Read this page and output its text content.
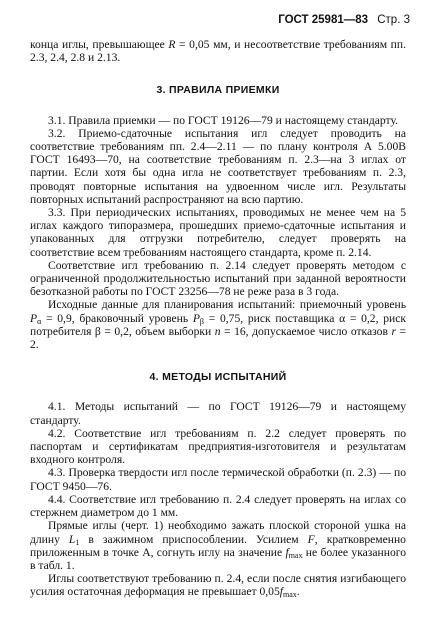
ГОСТ 25981—83 Стр. 3

конца иглы, превышающее R = 0,05 мм, и несоответствие требованиям пп. 2.3, 2.4, 2.8 и 2.13.

3. ПРАВИЛА ПРИЕМКИ

3.1. Правила приемки — по ГОСТ 19126—79 и настоящему стандарту.

3.2. Приемо-сдаточные испытания игл следует проводить на соответствие требованиям пп. 2.4—2.11 — по плану контроля А 5.00В ГОСТ 16493—70, на соответствие требованиям п. 2.3—на 3 иглах от партии. Если хотя бы одна игла не соответствует требованиям п. 2.3, проводят повторные испытания на удвоенном числе игл. Результаты повторных испытаний распространяют на всю партию.

3.3. При периодических испытаниях, проводимых не менее чем на 5 иглах каждого типоразмера, прошедших приемо-сдаточные испытания и упакованных для отгрузки потребителю, следует проверять на соответствие всем требованиям настоящего стандарта, кроме п. 2.14.

Соответствие игл требованию п. 2.14 следует проверять методом с ограниченной продолжительностью испытаний при заданной вероятности безотказной работы по ГОСТ 23256—78 не реже раза в 3 года.

Исходные данные для планирования испытаний: приемочный уровень $P_\alpha = 0,9$, браковочный уровень $P_\beta = 0,75$, риск поставщика α = 0,2, риск потребителя β = 0,2, объем выборки n = 16, допускаемое число отказов r = 2.

4. МЕТОДЫ ИСПЫТАНИЙ

4.1. Методы испытаний — по ГОСТ 19126—79 и настоящему стандарту.

4.2. Соответствие игл требованиям п. 2.2 следует проверять по паспортам и сертификатам предприятия-изготовителя и результатам входного контроля.

4.3. Проверка твердости игл после термической обработки (п. 2.3) — по ГОСТ 9450—76.

4.4. Соответствие игл требованию п. 2.4 следует проверять на иглах со стержнем диаметром до 1 мм.

Прямые иглы (черт. 1) необходимо зажать плоской стороной ушка на длину $L_1$ в зажимном приспособлении. Усилием F, кратковременно приложенным в точке А, согнуть иглу на значение $f_{max}$ не более указанного в табл. 1.

Иглы соответствуют требованию п. 2.4, если после снятия изгибающего усилия остаточная деформация не превышает $0,05f_{max}$.
